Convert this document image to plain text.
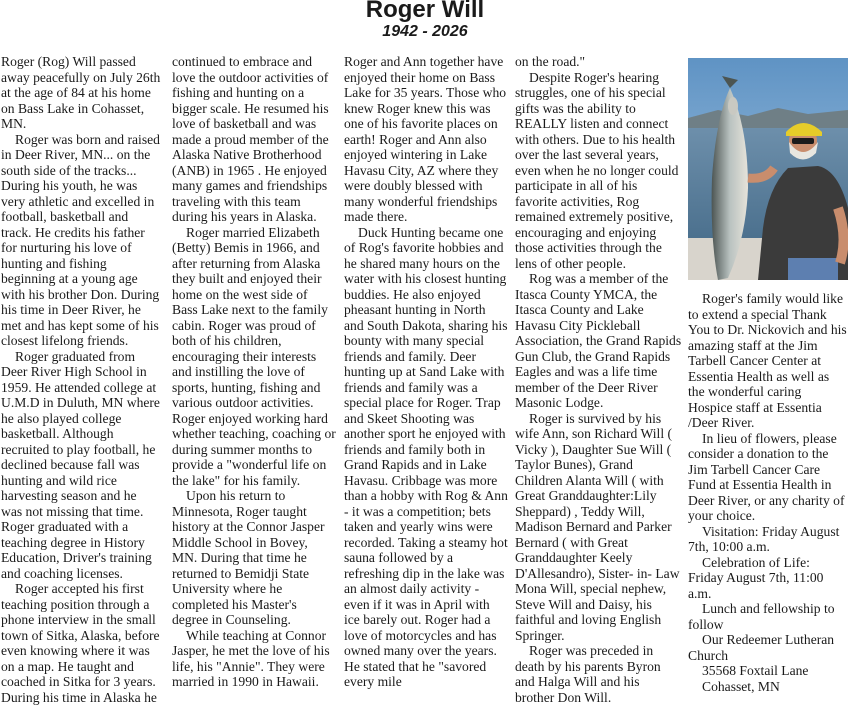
Roger Will
1942 - 2026

Roger (Rog) Will passed away peacefully on July 26th at the age of 84 at his home on Bass Lake in Cohasset, MN.

Roger was born and raised in Deer River, MN... on the south side of the tracks... During his youth, he was very athletic and excelled in football, basketball and track. He credits his father for nurturing his love of hunting and fishing beginning at a young age with his brother Don. During his time in Deer River, he met and has kept some of his closest lifelong friends.

Roger graduated from Deer River High School in 1959. He attended college at U.M.D in Duluth, MN where he also played college basketball. Although recruited to play football, he declined because fall was hunting and wild rice harvesting season and he was not missing that time. Roger graduated with a teaching degree in History Education, Driver's training and coaching licenses.

Roger accepted his first teaching position through a phone interview in the small town of Sitka, Alaska, before even knowing where it was on a map. He taught and coached in Sitka for 3 years. During his time in Alaska he

continued to embrace and love the outdoor activities of fishing and hunting on a bigger scale. He resumed his love of basketball and was made a proud member of the Alaska Native Brotherhood (ANB) in 1965 . He enjoyed many games and friendships traveling with this team during his years in Alaska.

Roger married Elizabeth (Betty) Bemis in 1966, and after returning from Alaska they built and enjoyed their home on the west side of Bass Lake next to the family cabin. Roger was proud of both of his children, encouraging their interests and instilling the love of sports, hunting, fishing and various outdoor activities. Roger enjoyed working hard whether teaching, coaching or during summer months to provide a "wonderful life on the lake" for his family.

Upon his return to Minnesota, Roger taught history at the Connor Jasper Middle School in Bovey, MN. During that time he returned to Bemidji State University where he completed his Master's degree in Counseling.

While teaching at Connor Jasper, he met the love of his life, his "Annie". They were married in 1990 in Hawaii.

Roger and Ann together have enjoyed their home on Bass Lake for 35 years. Those who knew Roger knew this was one of his favorite places on earth! Roger and Ann also enjoyed wintering in Lake Havasu City, AZ where they were doubly blessed with many wonderful friendships made there.

Duck Hunting became one of Rog's favorite hobbies and he shared many hours on the water with his closest hunting buddies. He also enjoyed pheasant hunting in North and South Dakota, sharing his bounty with many special friends and family. Deer hunting up at Sand Lake with friends and family was a special place for Roger. Trap and Skeet Shooting was another sport he enjoyed with friends and family both in Grand Rapids and in Lake Havasu. Cribbage was more than a hobby with Rog & Ann - it was a competition; bets taken and yearly wins were recorded. Taking a steamy hot sauna followed by a refreshing dip in the lake was an almost daily activity - even if it was in April with ice barely out. Roger had a love of motorcycles and has owned many over the years. He stated that he "savored every mile

on the road."

Despite Roger's hearing struggles, one of his special gifts was the ability to REALLY listen and connect with others. Due to his health over the last several years, even when he no longer could participate in all of his favorite activities, Rog remained extremely positive, encouraging and enjoying those activities through the lens of other people.

Rog was a member of the Itasca County YMCA, the Itasca County and Lake Havasu City Pickleball Association, the Grand Rapids Gun Club, the Grand Rapids Eagles and was a life time member of the Deer River Masonic Lodge.

Roger is survived by his wife Ann, son Richard Will ( Vicky ), Daughter Sue Will ( Taylor Bunes), Grand Children Alanta Will ( with Great Granddaughter:Lily Sheppard) , Teddy Will, Madison Bernard and Parker Bernard ( with Great Granddaughter Keely D'Allesandro), Sister- in- Law Mona Will, special nephew, Steve Will and Daisy, his faithful and loving English Springer.

Roger was preceded in death by his parents Byron and Halga Will and his brother Don Will.

Roger's family would like to extend a special Thank You to Dr. Nickovich and his amazing staff at the Jim Tarbell Cancer Center at Essentia Health as well as the wonderful caring Hospice staff at Essentia /Deer River.

In lieu of flowers, please consider a donation to the Jim Tarbell Cancer Care Fund at Essentia Health in Deer River, or any charity of your choice.

Visitation: Friday August 7th, 10:00 a.m.

Celebration of Life: Friday August 7th, 11:00 a.m.

Lunch and fellowship to follow

Our Redeemer Lutheran Church

35568 Foxtail Lane

Cohasset, MN
